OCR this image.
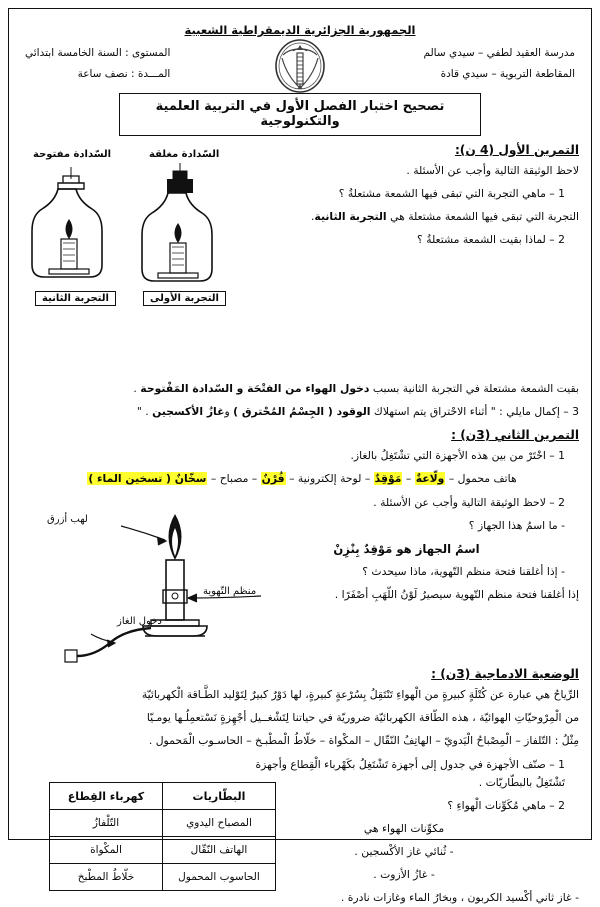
الجمهورية الجزائرية الديمقراطية الشعبية
مدرسة العقيد لطفي – سيدي سالم
المقاطعة التربوية – سيدي قادة
المستوى : السنة الخامسة ابتدائي
المـــدة : نصف ساعة
تصحيح اختبار الفصل الأول في التربية العلمية والتكنولوجية
السّدادة مفتوحة	السّدادة مغلقة
التجربة الثانية	التجربة الأولى
التمرين الأول (4 ن):
لاحظ الوثيقة التالية وأجب عن الأسئلة .
1 – ماهي التجربة التي تبقى فيها الشمعة مشتعلةُ ؟
التجربة التي تبقى فيها الشمعة مشتعلة هي التجربة الثانية.
2 – لماذا بقيت الشمعة مشتعلةُ ؟
بقيت الشمعة مشتعلة في التجربة الثانية بسبب دخول الهواء من الفتْحَة و السّدادة المَفْتوحة .
3 – إكمال مايلي : " أثناء الاحْتراق يتم استهلاك الوقود ( الجِسْمُ المُحْترق ) وغازُ الأكسجين . "
التمرين الثاني (3ن) :
1 – اخْتَرْ من بين هذه الأجهزة التي تشْتَغِلُ بالغاز.
هاتف محمول – ولّاعةٌ – مَوْقِدٌ – لوحة إلكترونية – فُرْنٌ – مصباح – سخّانٌ ( تسخين الماء )
لهب أزرق
منظم التّهوية
دخول الغاز
2 – لاحظ الوثيقة التالية وأجب عن الأسئلة .
- ما اسمُ هذا الجهاز ؟
اسمُ الجهاز هو مَوْقِدٌ بِنْزِنْ
- إذا أغلقنا فتحة منظم التّهوية، ماذا سيحدث ؟
إذا أغلقنا فتحة منظم التّهوية سيصيرُ لَوْنُ اللّهَبِ أصْفَرًا .
الوضعية الادماجية (3ن) :
الرِّياحُ هي عبارة عن كُتْلَةٍ كبيرةٍ من الْهواءِ تَنْتَقِلُ بِسُرْعةٍ كبيرةٍ، لها دَوْرٌ كبيرٌ لِتَوْليد الطَّـاقة الْكهربائيّة
من الْمِرْوحيّاتِ الهوائيّة ، هذه الطّاقة الكهربائيّة ضروريّة في حياتنا لِتَشْغــيل أجْهِزةٍ نَسْتعمِلُـها يومـيّا
مِثْلُ : التّلفاز – الْمِصْباحُ الْيَدويّ – الهاتِفُ النّقّال – المكْواة – خلّاطُ الْمطْبـخ – الحاسـوب الْمَحمول .
1 – صنّف الأجهزة في جدول إلى أجهزة تَشْتَغِلُ بكَهْرباء الْقِطاع وأجهزة تَشْتَغِلُ بالبطّاريّات .
2 – ماهي مُكَوِّنات الْهواءِ ؟
مكوِّنات الهواء هي
- ثُنائي غاز الأكْسجين .
- غازُ الأزوت .
- غاز ثاني أكْسيد الكربون ، وبخارُ الماء وغازات نادرة .
البطّاريات	كهرباء القِطاع
المصباح اليدوي	التّلْفازُ
الهاتف النّقّال	المكْواة
الحاسوب المحمول	خلّاطُ المطْبخ
